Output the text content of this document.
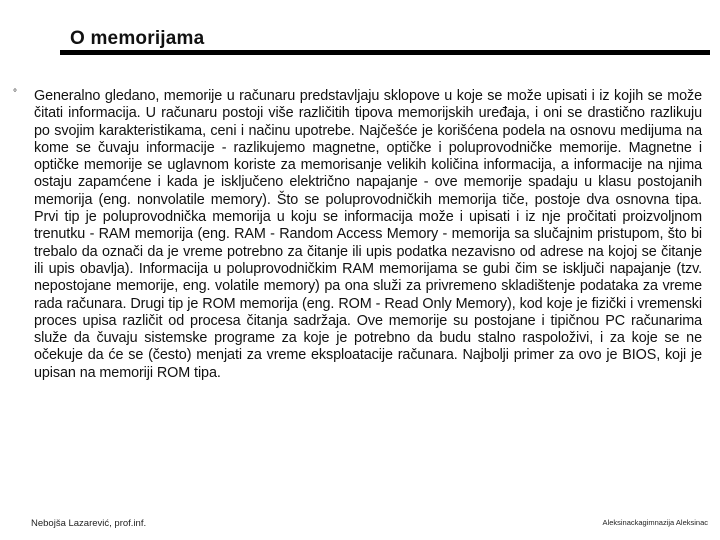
O memorijama
° Generalno gledano, memorije u računaru predstavljaju sklopove u koje se može upisati i iz kojih se može čitati informacija. U računaru postoji više različitih tipova memorijskih uređaja, i oni se drastično razlikuju po svojim karakteristikama, ceni i načinu upotrebe. Najčešće je korišćena podela na osnovu medijuma na kome se čuvaju informacije - razlikujemo magnetne, optičke i poluprovodničke memorije. Magnetne i optičke memorije se uglavnom koriste za memorisanje velikih količina informacija, a informacije na njima ostaju zapamćene i kada je isključeno električno napajanje - ove memorije spadaju u klasu postojanih memorija (eng. nonvolatile memory). Što se poluprovodničkih memorija tiče, postoje dva osnovna tipa. Prvi tip je poluprovodnička memorija u koju se informacija može i upisati i iz nje pročitati proizvoljnom trenutku - RAM memorija (eng. RAM - Random Access Memory - memorija sa slučajnim pristupom, što bi trebalo da označi da je vreme potrebno za čitanje ili upis podatka nezavisno od adrese na kojoj se čitanje ili upis obavlja). Informacija u poluprovodničkim RAM memorijama se gubi čim se isključi napajanje (tzv. nepostojane memorije, eng. volatile memory) pa ona služi za privremeno skladištenje podataka za vreme rada računara. Drugi tip je ROM memorija (eng. ROM - Read Only Memory), kod koje je fizički i vremenski proces upisa različit od procesa čitanja sadržaja. Ove memorije su postojane i tipičnou PC računarima služe da čuvaju sistemske programe za koje je potrebno da budu stalno raspoloživi, i za koje se ne očekuje da će se (često) menjati za vreme eksploatacije računara. Najbolji primer za ovo je BIOS, koji je upisan na memoriji ROM tipa.
Nebojša Lazarević, prof.inf.	Aleksinackagimnazija Aleksinac
